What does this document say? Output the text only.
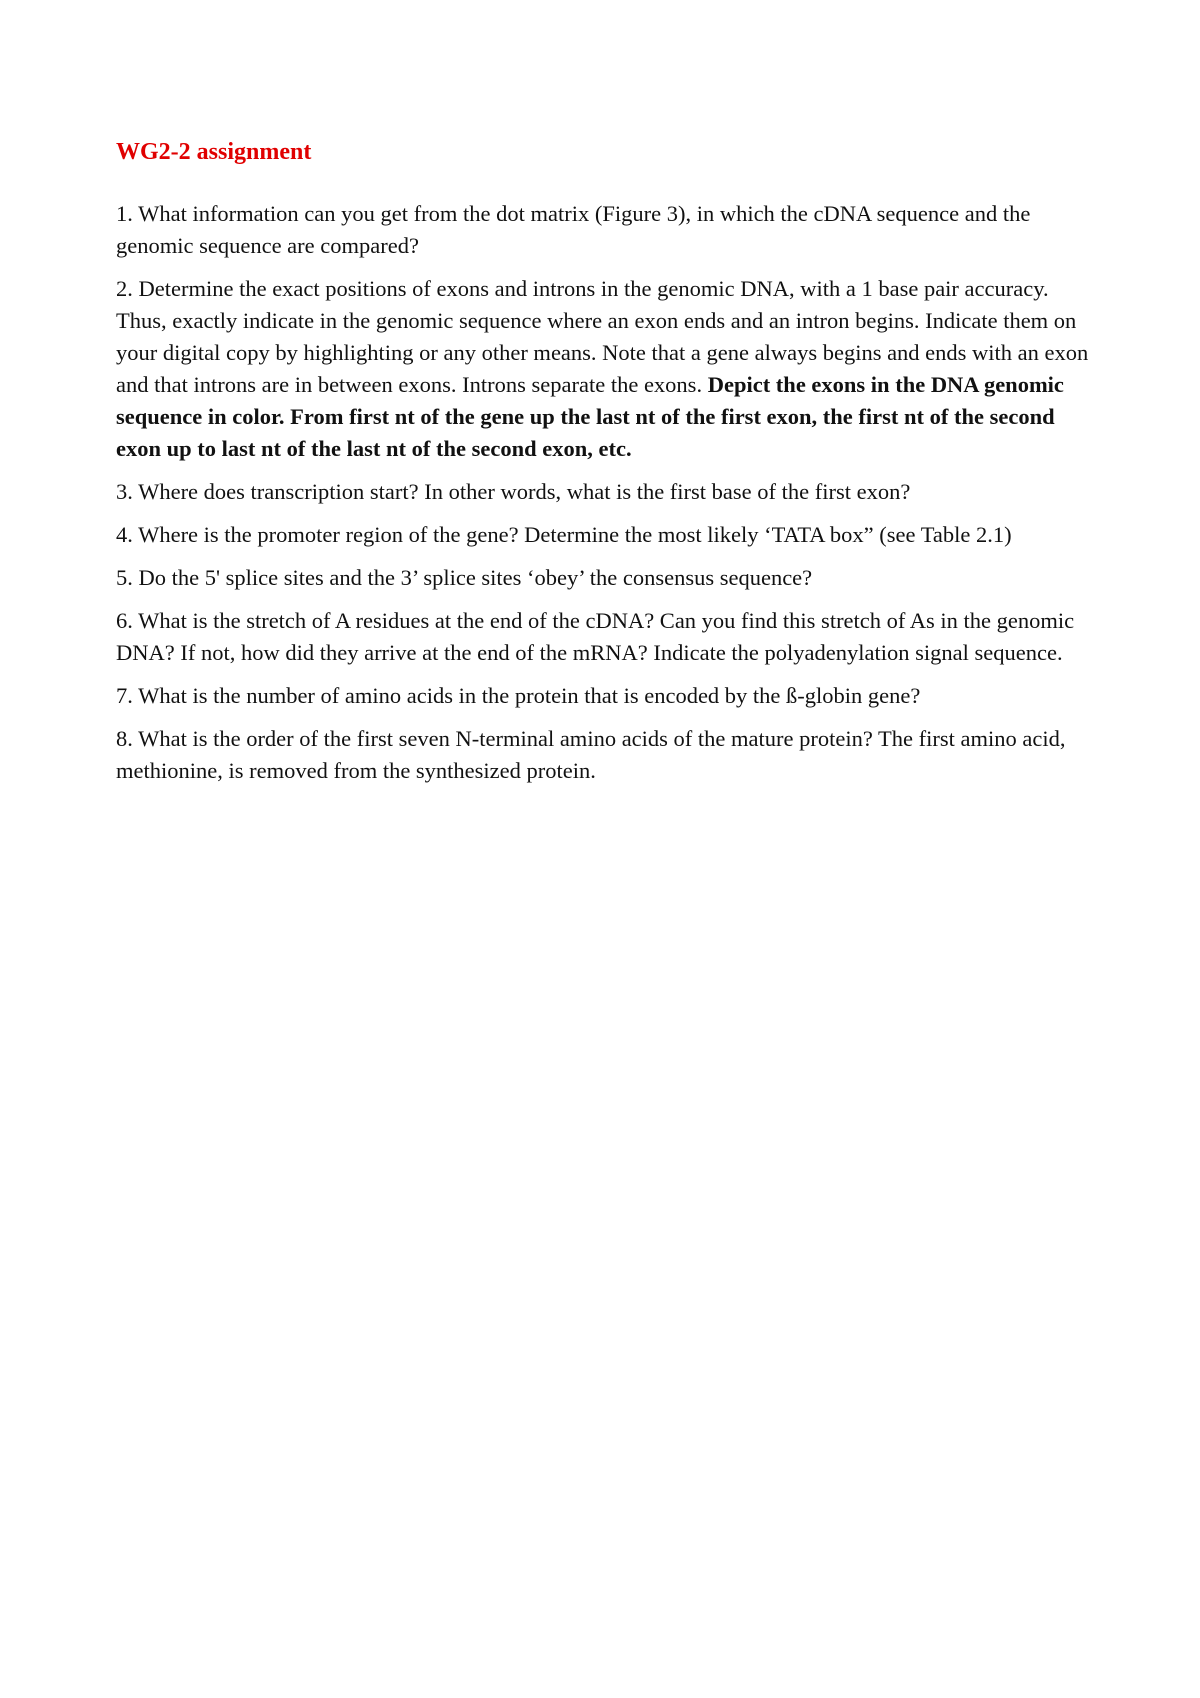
WG2-2 assignment
1. What information can you get from the dot matrix (Figure 3), in which the cDNA sequence and the genomic sequence are compared?
2. Determine the exact positions of exons and introns in the genomic DNA, with a 1 base pair accuracy. Thus, exactly indicate in the genomic sequence where an exon ends and an intron begins. Indicate them on your digital copy by highlighting or any other means. Note that a gene always begins and ends with an exon and that introns are in between exons. Introns separate the exons. Depict the exons in the DNA genomic sequence in color. From first nt of the gene up the last nt of the first exon, the first nt of the second exon up to last nt of the last nt of the second exon, etc.
3. Where does transcription start? In other words, what is the first base of the first exon?
4. Where is the promoter region of the gene? Determine the most likely ‘TATA box” (see Table 2.1)
5. Do the 5' splice sites and the 3’ splice sites ‘obey’ the consensus sequence?
6. What is the stretch of A residues at the end of the cDNA? Can you find this stretch of As in the genomic DNA? If not, how did they arrive at the end of the mRNA? Indicate the polyadenylation signal sequence.
7. What is the number of amino acids in the protein that is encoded by the ß-globin gene?
8. What is the order of the first seven N-terminal amino acids of the mature protein? The first amino acid, methionine, is removed from the synthesized protein.
